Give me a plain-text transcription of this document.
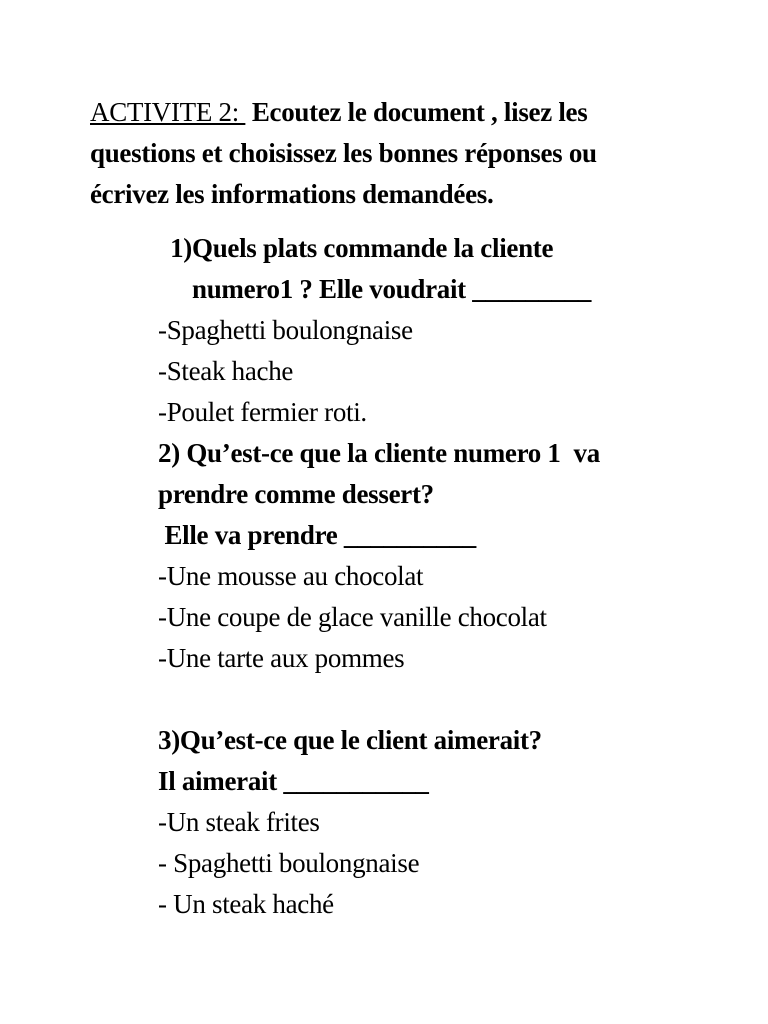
ACTIVITE 2:  Ecoutez le document , lisez les
questions et choisissez les bonnes réponses ou
écrivez les informations demandées.
1)Quels plats commande la cliente
numero1 ? Elle voudrait _________
-Spaghetti boulongnaise
-Steak hache
-Poulet fermier roti.
2) Qu’est-ce que la cliente numero 1  va
prendre comme dessert?
Elle va prendre __________
-Une mousse au chocolat
-Une coupe de glace vanille chocolat
-Une tarte aux pommes
3)Qu’est-ce que le client aimerait?
Il aimerait ___________
-Un steak frites
- Spaghetti boulongnaise
- Un steak haché
